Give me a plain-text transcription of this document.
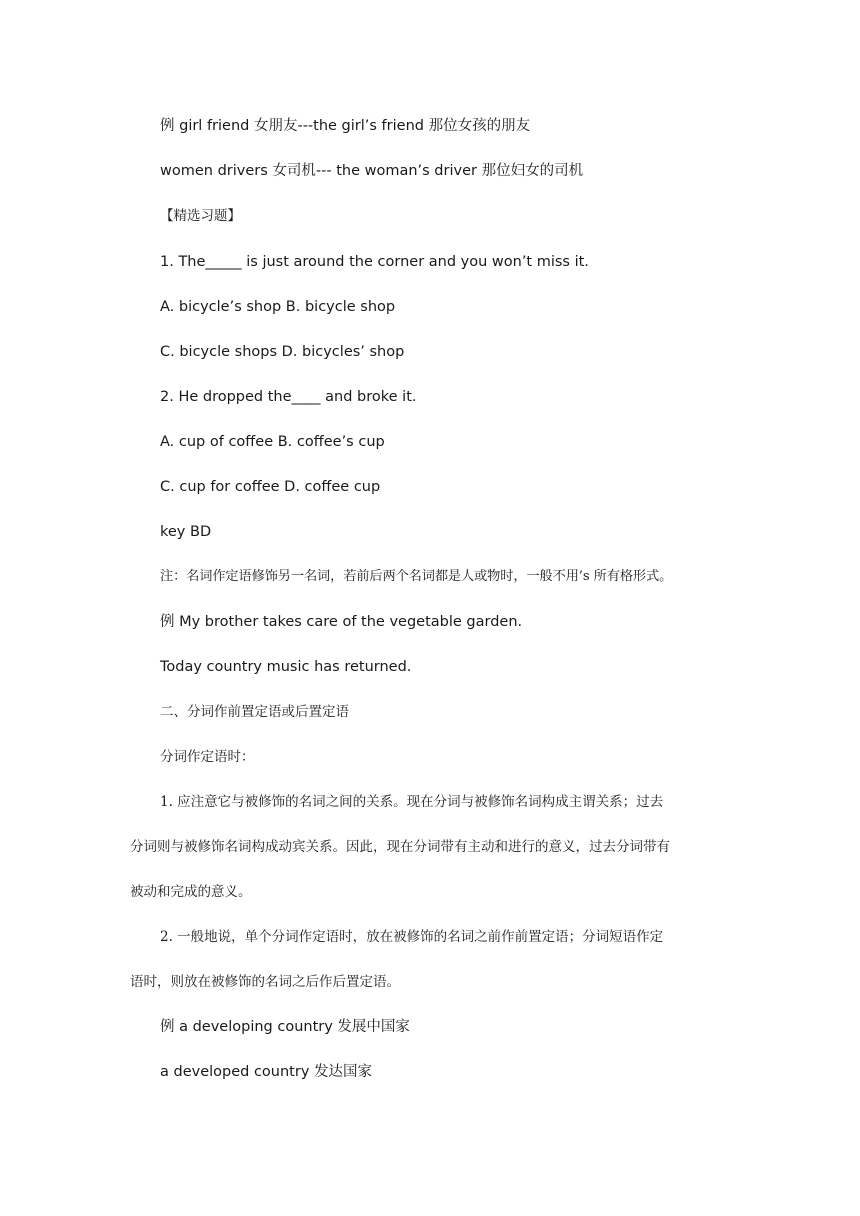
例 girl friend 女朋友---the girl’s friend 那位女孩的朋友
women drivers 女司机--- the woman’s driver 那位妇女的司机
【精选习题】
1. The_____ is just around the corner and you won’t miss it.
A. bicycle’s shop B. bicycle shop
C. bicycle shops D. bicycles’ shop
2. He dropped the____ and broke it.
A. cup of coffee B. coffee’s cup
C. cup for coffee D. coffee cup
key BD
注：名词作定语修饰另一名词，若前后两个名词都是人或物时，一般不用’s 所有格形式。
例 My brother takes care of the vegetable garden.
Today country music has returned.
二、分词作前置定语或后置定语
分词作定语时：
1. 应注意它与被修饰的名词之间的关系。现在分词与被修饰名词构成主谓关系；过去
分词则与被修饰名词构成动宾关系。因此，现在分词带有主动和进行的意义，过去分词带有
被动和完成的意义。
2. 一般地说，单个分词作定语时，放在被修饰的名词之前作前置定语；分词短语作定
语时，则放在被修饰的名词之后作后置定语。
例 a developing country 发展中国家
a developed country 发达国家
